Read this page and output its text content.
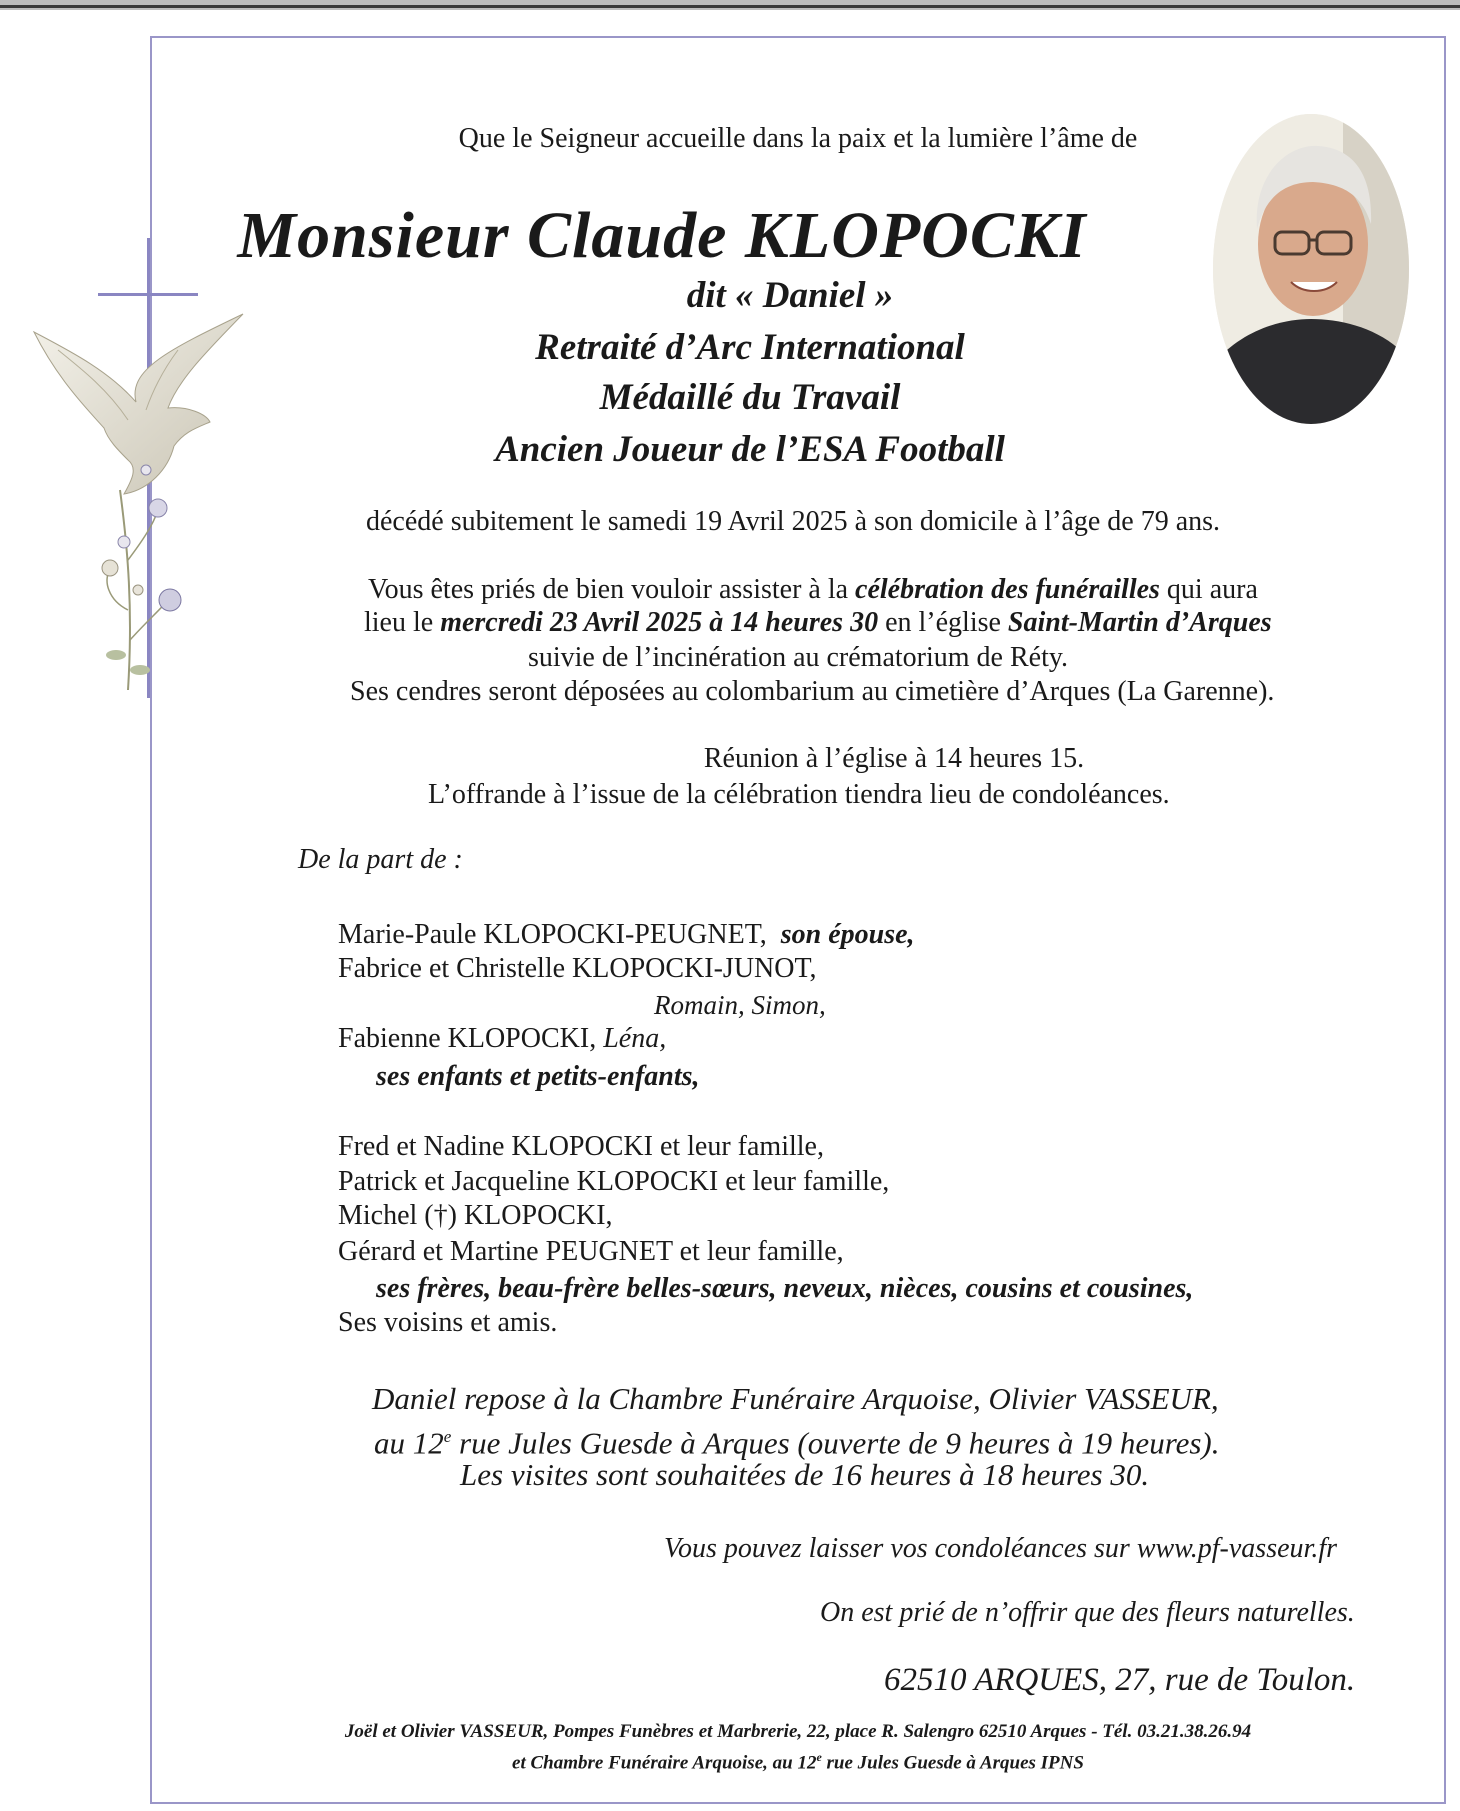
Que le Seigneur accueille dans la paix et la lumière l’âme de
Monsieur Claude KLOPOCKI
dit « Daniel »
Retraité d’Arc International
Médaillé du Travail
Ancien Joueur de l’ESA Football
décédé subitement le samedi 19 Avril 2025 à son domicile à l’âge de 79 ans.
Vous êtes priés de bien vouloir assister à la célébration des funérailles qui aura
lieu le mercredi 23 Avril 2025 à 14 heures 30 en l’église Saint-Martin d’Arques
suivie de l’incinération au crématorium de Réty.
Ses cendres seront déposées au colombarium au cimetière d’Arques (La Garenne).
Réunion à l’église à 14 heures 15.
L’offrande à l’issue de la célébration tiendra lieu de condoléances.
De la part de :
Marie-Paule KLOPOCKI-PEUGNET, son épouse,
Fabrice et Christelle KLOPOCKI-JUNOT,
Romain, Simon,
Fabienne KLOPOCKI, Léna,
ses enfants et petits-enfants,
Fred et Nadine KLOPOCKI et leur famille,
Patrick et Jacqueline KLOPOCKI et leur famille,
Michel (†) KLOPOCKI,
Gérard et Martine PEUGNET et leur famille,
ses frères, beau-frère belles-sœurs, neveux, nièces, cousins et cousines,
Ses voisins et amis.
Daniel repose à la Chambre Funéraire Arquoise, Olivier VASSEUR,
au 12e rue Jules Guesde à Arques (ouverte de 9 heures à 19 heures).
Les visites sont souhaitées de 16 heures à 18 heures 30.
Vous pouvez laisser vos condoléances sur www.pf-vasseur.fr
On est prié de n’offrir que des fleurs naturelles.
62510 ARQUES, 27, rue de Toulon.
Joël et Olivier VASSEUR, Pompes Funèbres et Marbrerie, 22, place R. Salengro 62510 Arques - Tél. 03.21.38.26.94
et Chambre Funéraire Arquoise, au 12e rue Jules Guesde à Arques IPNS
